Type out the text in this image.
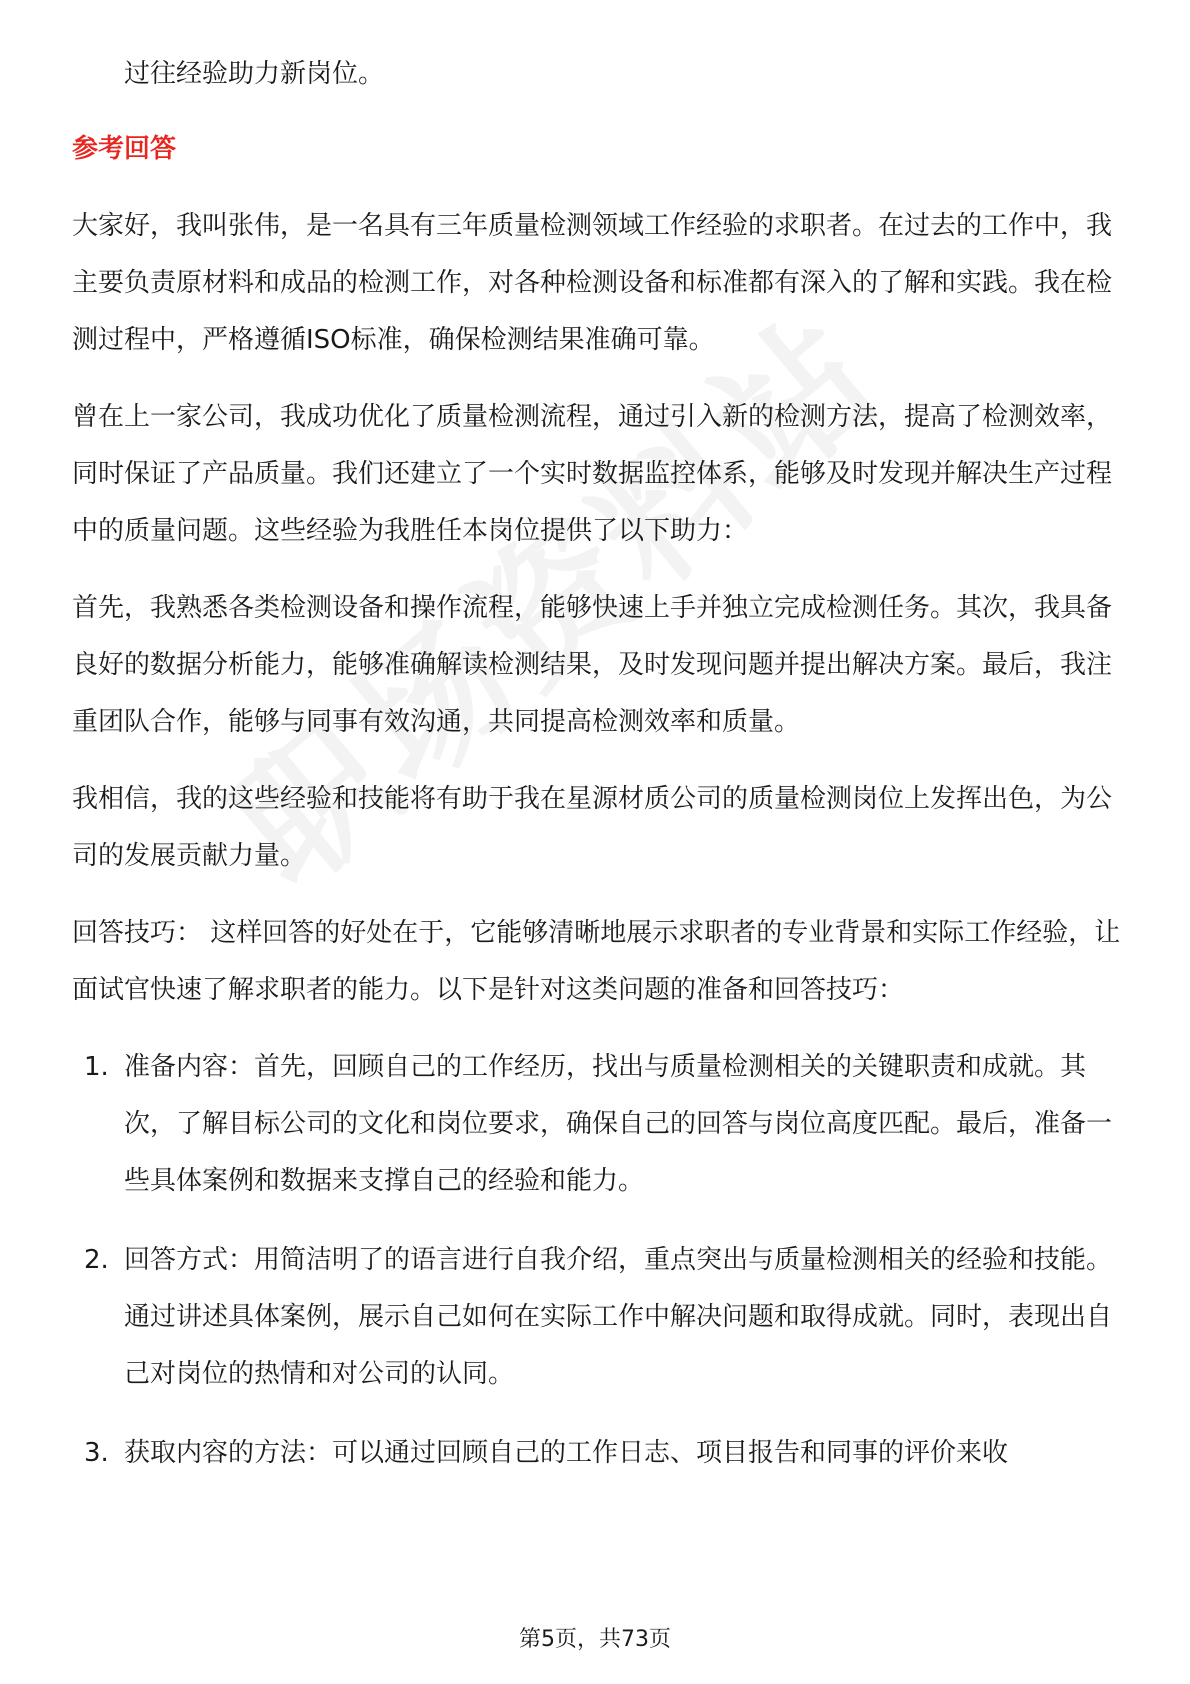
过往经验助力新岗位。

参考回答

大家好，我叫张伟，是一名具有三年质量检测领域工作经验的求职者。在过去的工作中，我主要负责原材料和成品的检测工作，对各种检测设备和标准都有深入的了解和实践。我在检测过程中，严格遵循ISO标准，确保检测结果准确可靠。

曾在上一家公司，我成功优化了质量检测流程，通过引入新的检测方法，提高了检测效率，同时保证了产品质量。我们还建立了一个实时数据监控体系，能够及时发现并解决生产过程中的质量问题。这些经验为我胜任本岗位提供了以下助力：

首先，我熟悉各类检测设备和操作流程，能够快速上手并独立完成检测任务。其次，我具备良好的数据分析能力，能够准确解读检测结果，及时发现问题并提出解决方案。最后，我注重团队合作，能够与同事有效沟通，共同提高检测效率和质量。

我相信，我的这些经验和技能将有助于我在星源材质公司的质量检测岗位上发挥出色，为公司的发展贡献力量。

回答技巧： 这样回答的好处在于，它能够清晰地展示求职者的专业背景和实际工作经验，让面试官快速了解求职者的能力。以下是针对这类问题的准备和回答技巧：

1. 准备内容：首先，回顾自己的工作经历，找出与质量检测相关的关键职责和成就。其次，了解目标公司的文化和岗位要求，确保自己的回答与岗位高度匹配。最后，准备一些具体案例和数据来支撑自己的经验和能力。
2. 回答方式：用简洁明了的语言进行自我介绍，重点突出与质量检测相关的经验和技能。通过讲述具体案例，展示自己如何在实际工作中解决问题和取得成就。同时，表现出自己对岗位的热情和对公司的认同。
3. 获取内容的方法：可以通过回顾自己的工作日志、项目报告和同事的评价来收
第5页，共73页
